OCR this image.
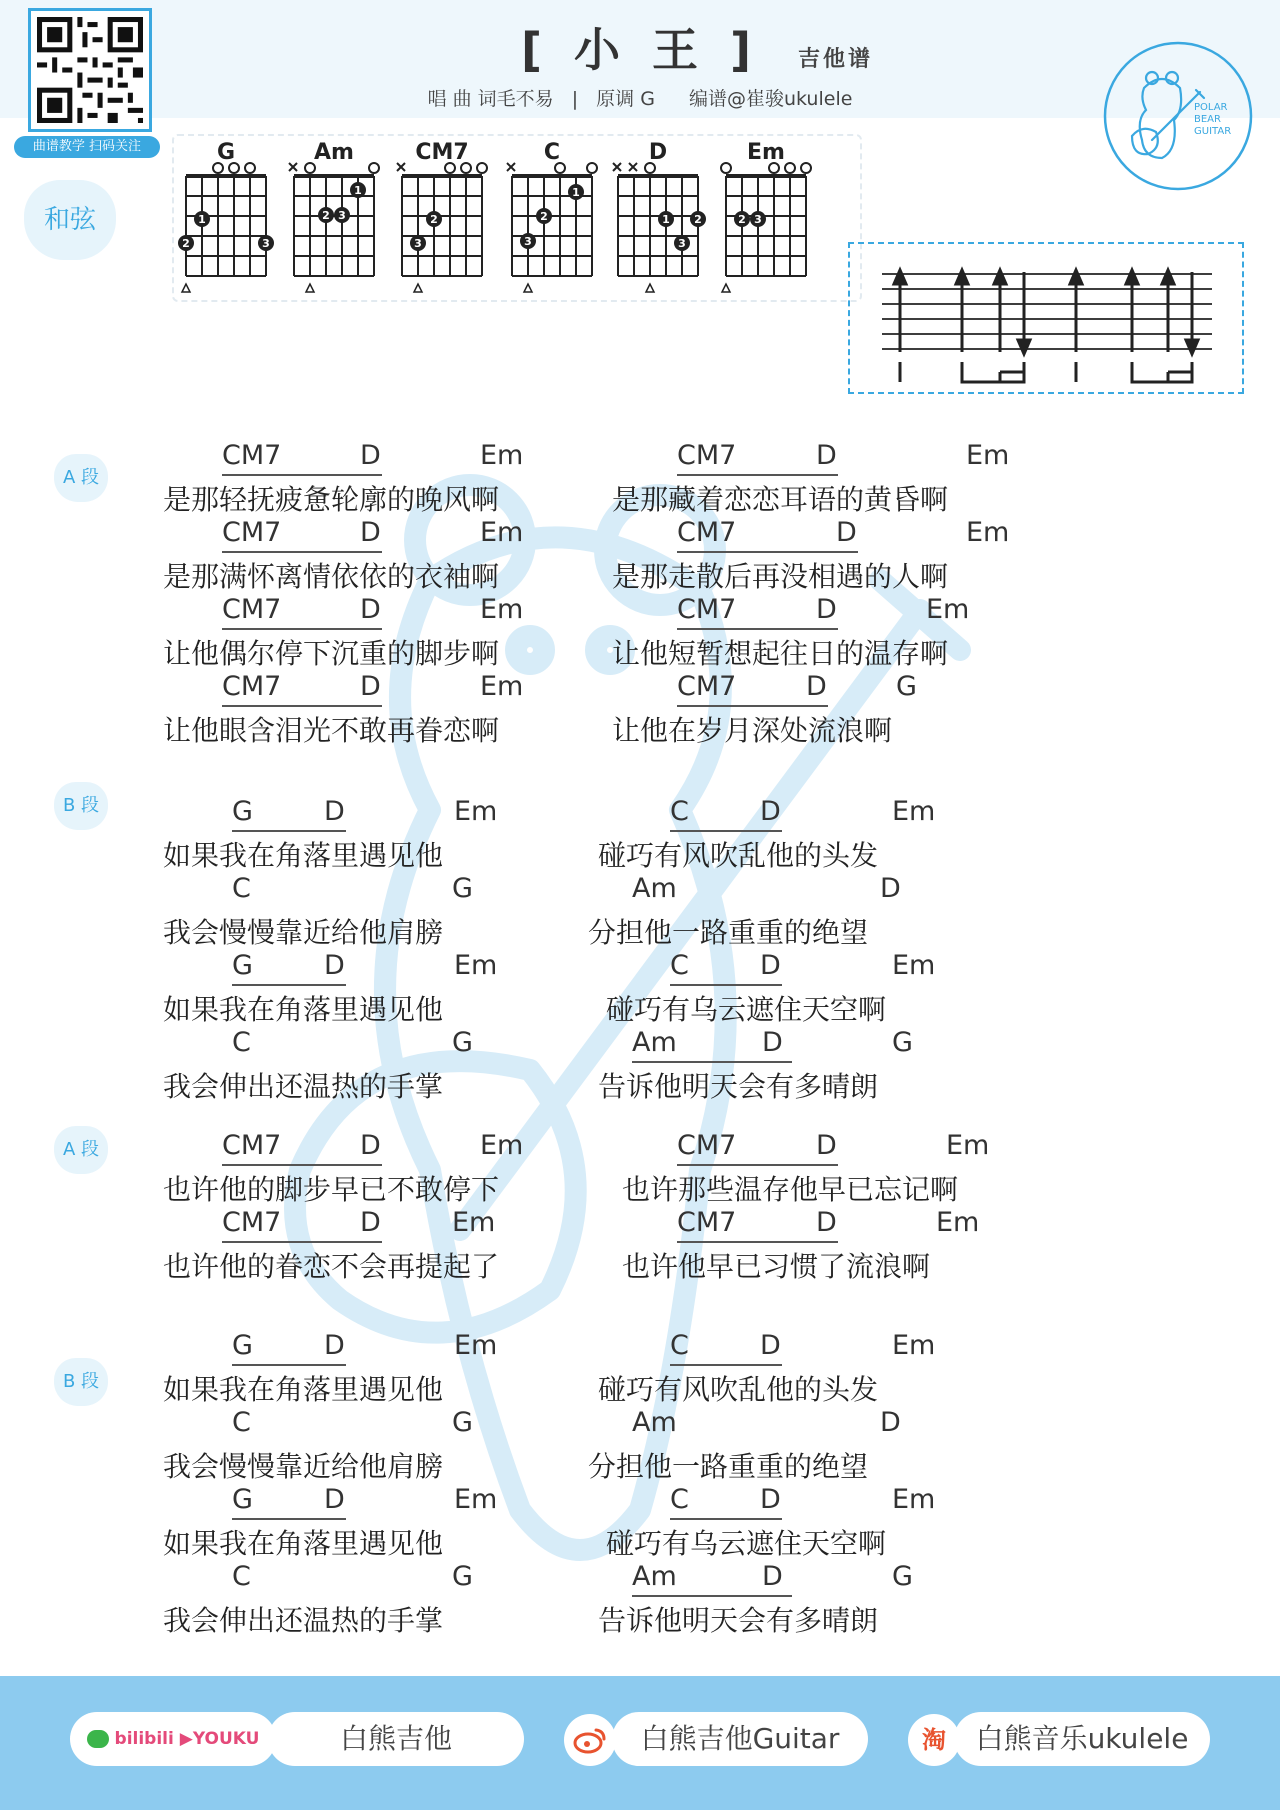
曲谱教学 扫码关注
[ 小 王 ]	吉他谱
唱 曲 词毛不易 | 原调 G 编谱@崔骏ukulele	POLAR
BEAR
GUITAR
和弦
G
1
2	3
Am
1
2 3
CM7
2
3
C
1
2
3
D
1 2
3
Em
2 3
A 段
CM7	D	Em	CM7	D	Em
是那轻抚疲惫轮廓的晚风啊	是那藏着恋恋耳语的黄昏啊
CM7	D	Em	CM7	D	Em
是那满怀离情依依的衣袖啊	是那走散后再没相遇的人啊
CM7	D	Em	CM7	D	Em
让他偶尔停下沉重的脚步啊	让他短暂想起往日的温存啊
CM7	D	Em	CM7	D	G
让他眼含泪光不敢再眷恋啊	让他在岁月深处流浪啊
B 段	G	D	Em	C	D	Em
如果我在角落里遇见他	碰巧有风吹乱他的头发
C	G	Am	D
我会慢慢靠近给他肩膀	分担他一路重重的绝望
G	D	Em	C	D	Em
如果我在角落里遇见他	碰巧有乌云遮住天空啊
C	G	Am	D	G
我会伸出还温热的手掌	告诉他明天会有多晴朗
A 段	CM7	D	Em	CM7	D	Em
也许他的脚步早已不敢停下	也许那些温存他早已忘记啊
CM7	D	Em	CM7	D	Em
也许他的眷恋不会再提起了	也许他早已习惯了流浪啊
B 段
G	D	Em	C	D	Em
如果我在角落里遇见他	碰巧有风吹乱他的头发
C	G	Am	D
我会慢慢靠近给他肩膀	分担他一路重重的绝望
G	D	Em	C	D	Em
如果我在角落里遇见他	碰巧有乌云遮住天空啊
C	G	Am	D	G
我会伸出还温热的手掌	告诉他明天会有多晴朗
bilibili ▶YOUKU	白熊吉他	白熊吉他Guitar	淘	白熊音乐ukulele
